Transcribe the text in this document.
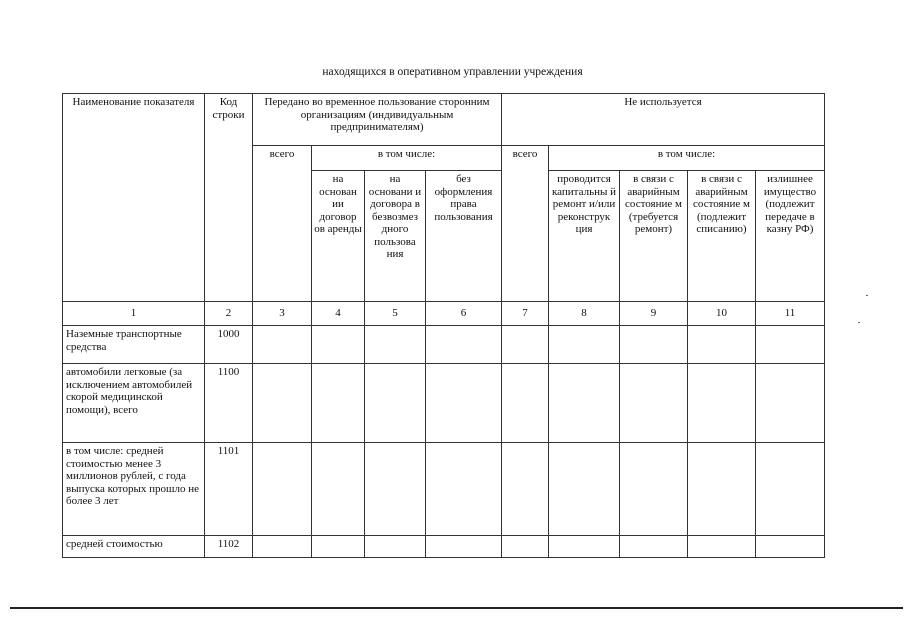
находящихся в оперативном управлении учреждения
Наименование показателя	Код строки	Передано во временное пользование сторонним организациям (индивидуальным предпринимателям)				Не используется				
		всего	в том числе:			всего	в том числе:			
			на основан ии договор ов аренды	на основани и договора в безвозмез дного пользова ния	без оформления права пользования		проводится капитальны й ремонт и/или реконструк ция	в связи с аварийным состояние м (требуется ремонт)	в связи с аварийным состояние м (подлежит списанию)	излишнее имущество (подлежит передаче в казну РФ)
1	2	3	4	5	6	7	8	9	10	11
Наземные транспортные средства	1000									
автомобили легковые (за исключением автомобилей скорой медицинской помощи), всего	1100									
в том числе: средней стоимостью менее 3 миллионов рублей, с года выпуска которых прошло не более 3 лет	1101									
средней стоимостью	1102									
